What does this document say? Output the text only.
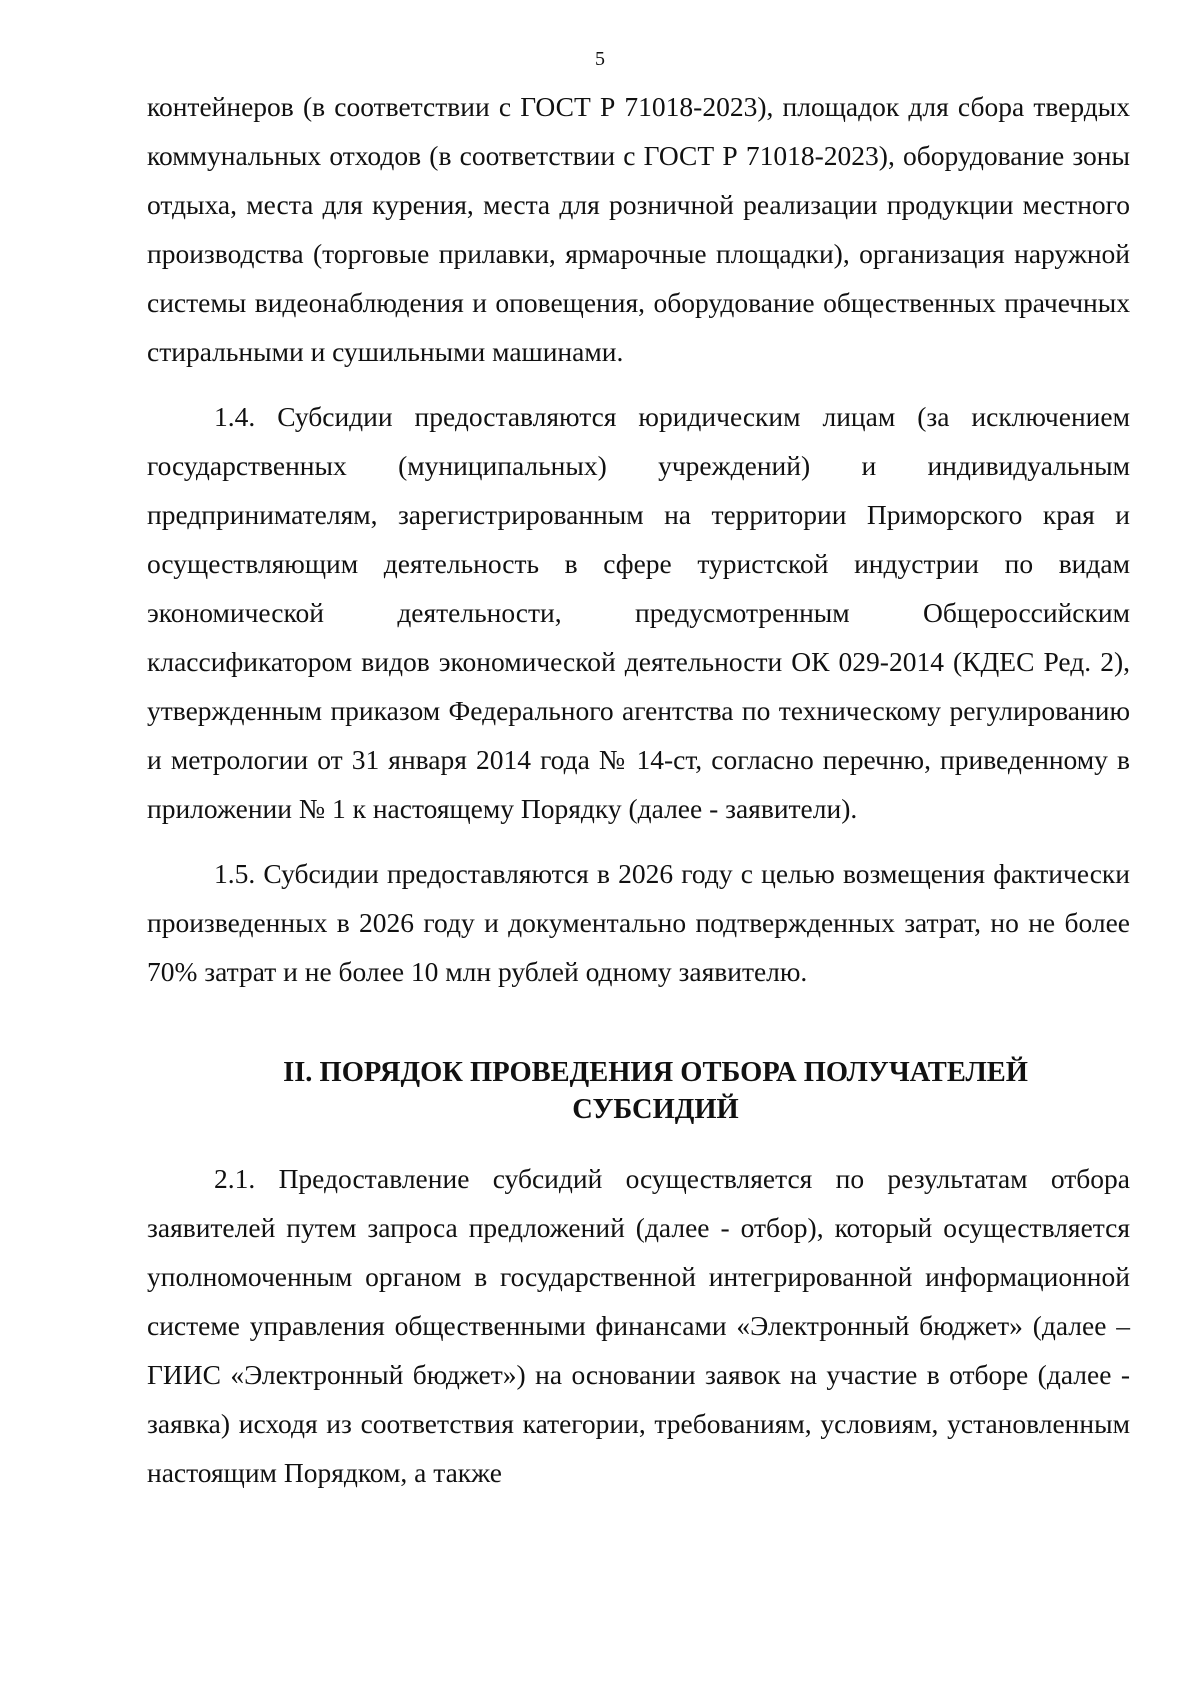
5

контейнеров (в соответствии с ГОСТ Р 71018-2023), площадок для сбора твердых коммунальных отходов (в соответствии с ГОСТ Р 71018-2023), оборудование зоны отдыха, места для курения, места для розничной реализации продукции местного производства (торговые прилавки, ярмарочные площадки), организация наружной системы видеонаблюдения и оповещения, оборудование общественных прачечных стиральными и сушильными машинами.

1.4. Субсидии предоставляются юридическим лицам (за исключением государственных (муниципальных) учреждений) и индивидуальным предпринимателям, зарегистрированным на территории Приморского края и осуществляющим деятельность в сфере туристской индустрии по видам экономической деятельности, предусмотренным Общероссийским классификатором видов экономической деятельности ОК 029-2014 (КДЕС Ред. 2), утвержденным приказом Федерального агентства по техническому регулированию и метрологии от 31 января 2014 года № 14-ст, согласно перечню, приведенному в приложении № 1 к настоящему Порядку (далее - заявители).

1.5. Субсидии предоставляются в 2026 году с целью возмещения фактически произведенных в 2026 году и документально подтвержденных затрат, но не более 70% затрат и не более 10 млн рублей одному заявителю.

II. ПОРЯДОК ПРОВЕДЕНИЯ ОТБОРА ПОЛУЧАТЕЛЕЙ
СУБСИДИЙ

2.1. Предоставление субсидий осуществляется по результатам отбора заявителей путем запроса предложений (далее - отбор), который осуществляется уполномоченным органом в государственной интегрированной информационной системе управления общественными финансами «Электронный бюджет» (далее – ГИИС «Электронный бюджет») на основании заявок на участие в отборе (далее - заявка) исходя из соответствия категории, требованиям, условиям, установленным настоящим Порядком, а также
